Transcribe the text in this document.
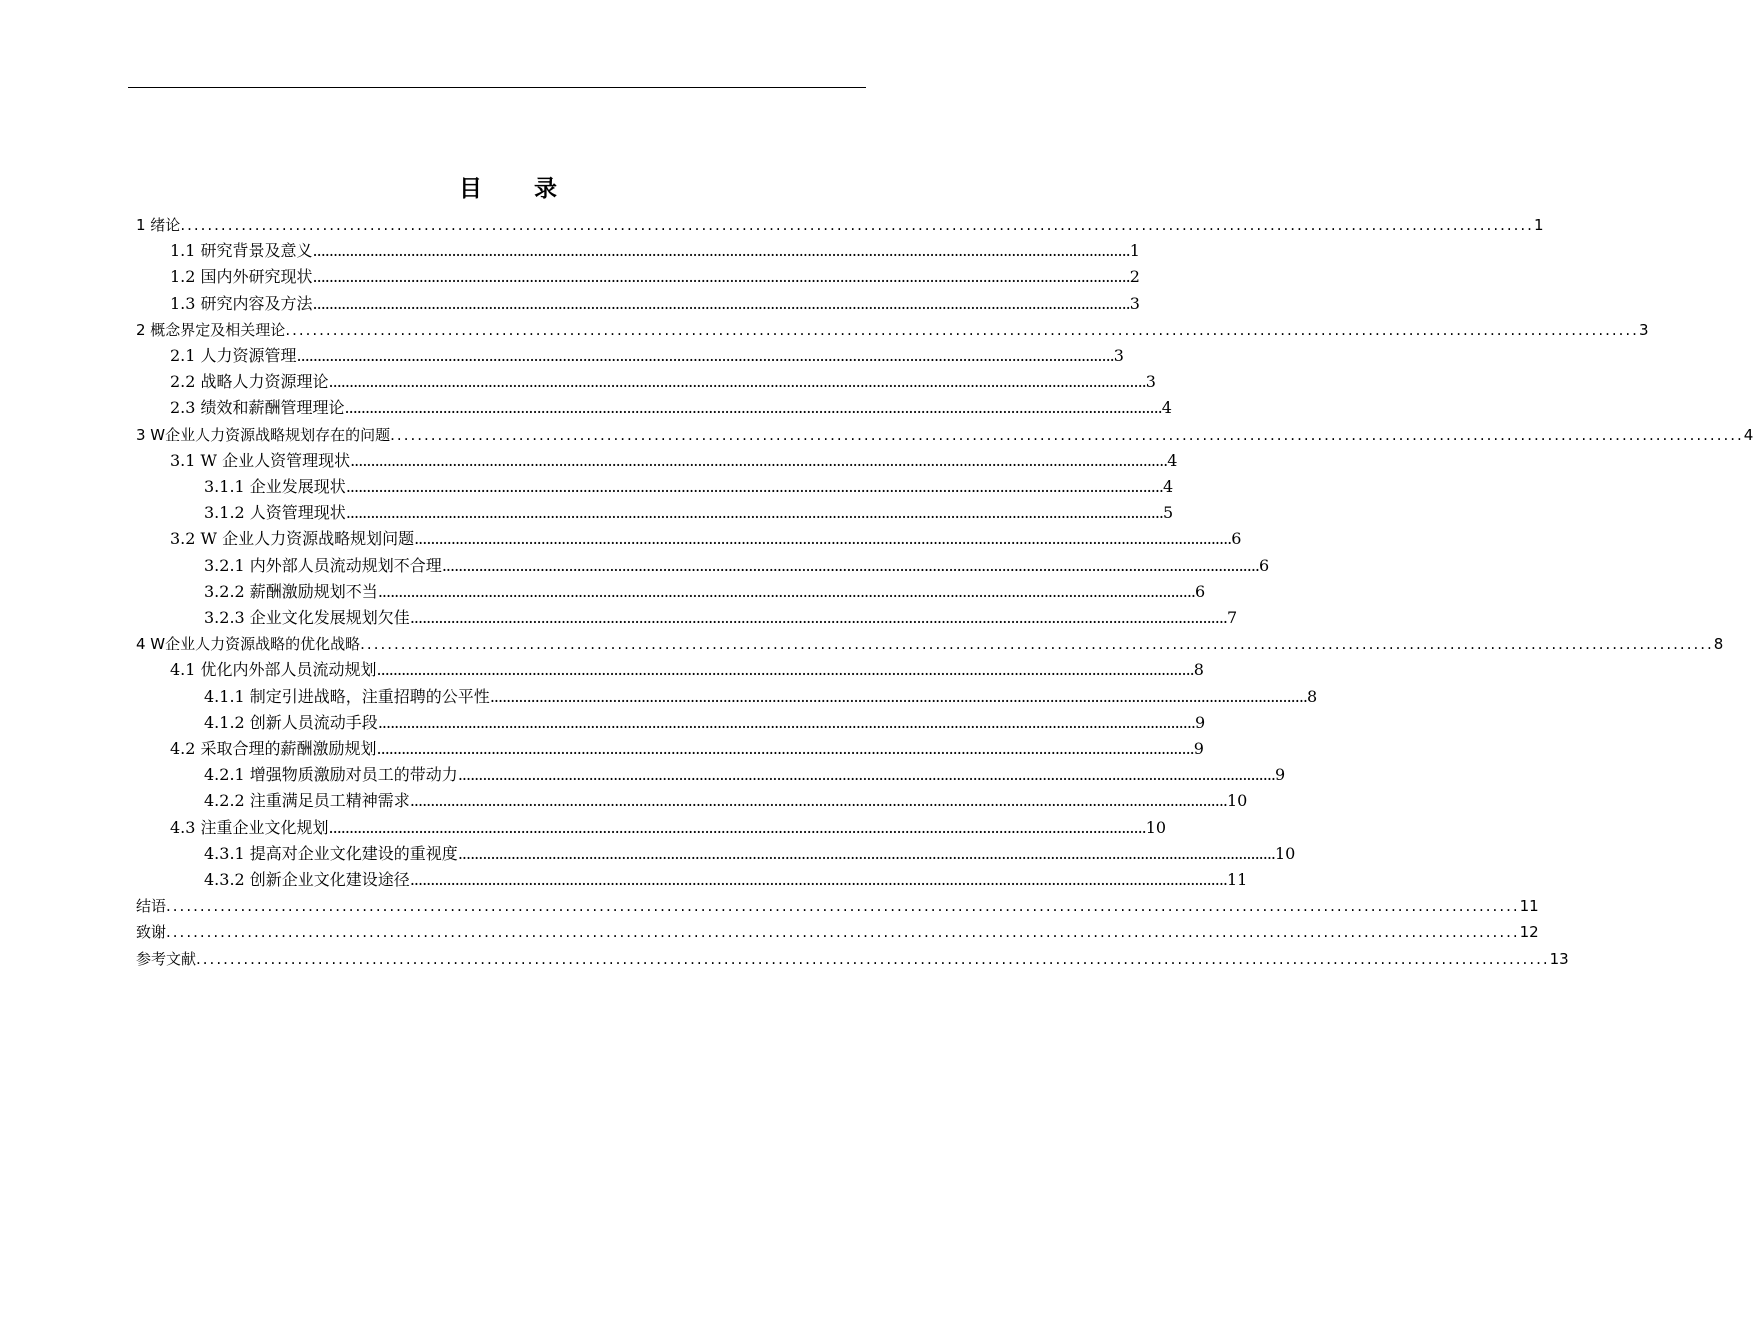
目 录
1 绪论 ........................................................................................................................................................................................................ 1
1.1 研究背景及意义 ........................................................................................................................................................................................................ 1
1.2 国内外研究现状 ........................................................................................................................................................................................................ 2
1.3 研究内容及方法 ........................................................................................................................................................................................................ 3
2 概念界定及相关理论 ........................................................................................................................................................................................................ 3
2.1 人力资源管理 ........................................................................................................................................................................................................ 3
2.2 战略人力资源理论 ........................................................................................................................................................................................................ 3
2.3 绩效和薪酬管理理论 ........................................................................................................................................................................................................ 4
3 W企业人力资源战略规划存在的问题 ........................................................................................................................................................................................................ 4
3.1 W 企业人资管理现状 ........................................................................................................................................................................................................ 4
3.1.1 企业发展现状 ........................................................................................................................................................................................................ 4
3.1.2 人资管理现状 ........................................................................................................................................................................................................ 5
3.2 W 企业人力资源战略规划问题 ........................................................................................................................................................................................................ 6
3.2.1 内外部人员流动规划不合理 ........................................................................................................................................................................................................ 6
3.2.2 薪酬激励规划不当 ........................................................................................................................................................................................................ 6
3.2.3 企业文化发展规划欠佳 ........................................................................................................................................................................................................ 7
4 W企业人力资源战略的优化战略 ........................................................................................................................................................................................................ 8
4.1 优化内外部人员流动规划 ........................................................................................................................................................................................................ 8
4.1.1 制定引进战略，注重招聘的公平性 ........................................................................................................................................................................................................ 8
4.1.2 创新人员流动手段 ........................................................................................................................................................................................................ 9
4.2 采取合理的薪酬激励规划 ........................................................................................................................................................................................................ 9
4.2.1 增强物质激励对员工的带动力 ........................................................................................................................................................................................................ 9
4.2.2 注重满足员工精神需求 ........................................................................................................................................................................................................ 10
4.3 注重企业文化规划 ........................................................................................................................................................................................................ 10
4.3.1 提高对企业文化建设的重视度 ........................................................................................................................................................................................................ 10
4.3.2 创新企业文化建设途径 ........................................................................................................................................................................................................ 11
结语 ........................................................................................................................................................................................................ 11
致谢 ........................................................................................................................................................................................................ 12
参考文献 ........................................................................................................................................................................................................ 13
